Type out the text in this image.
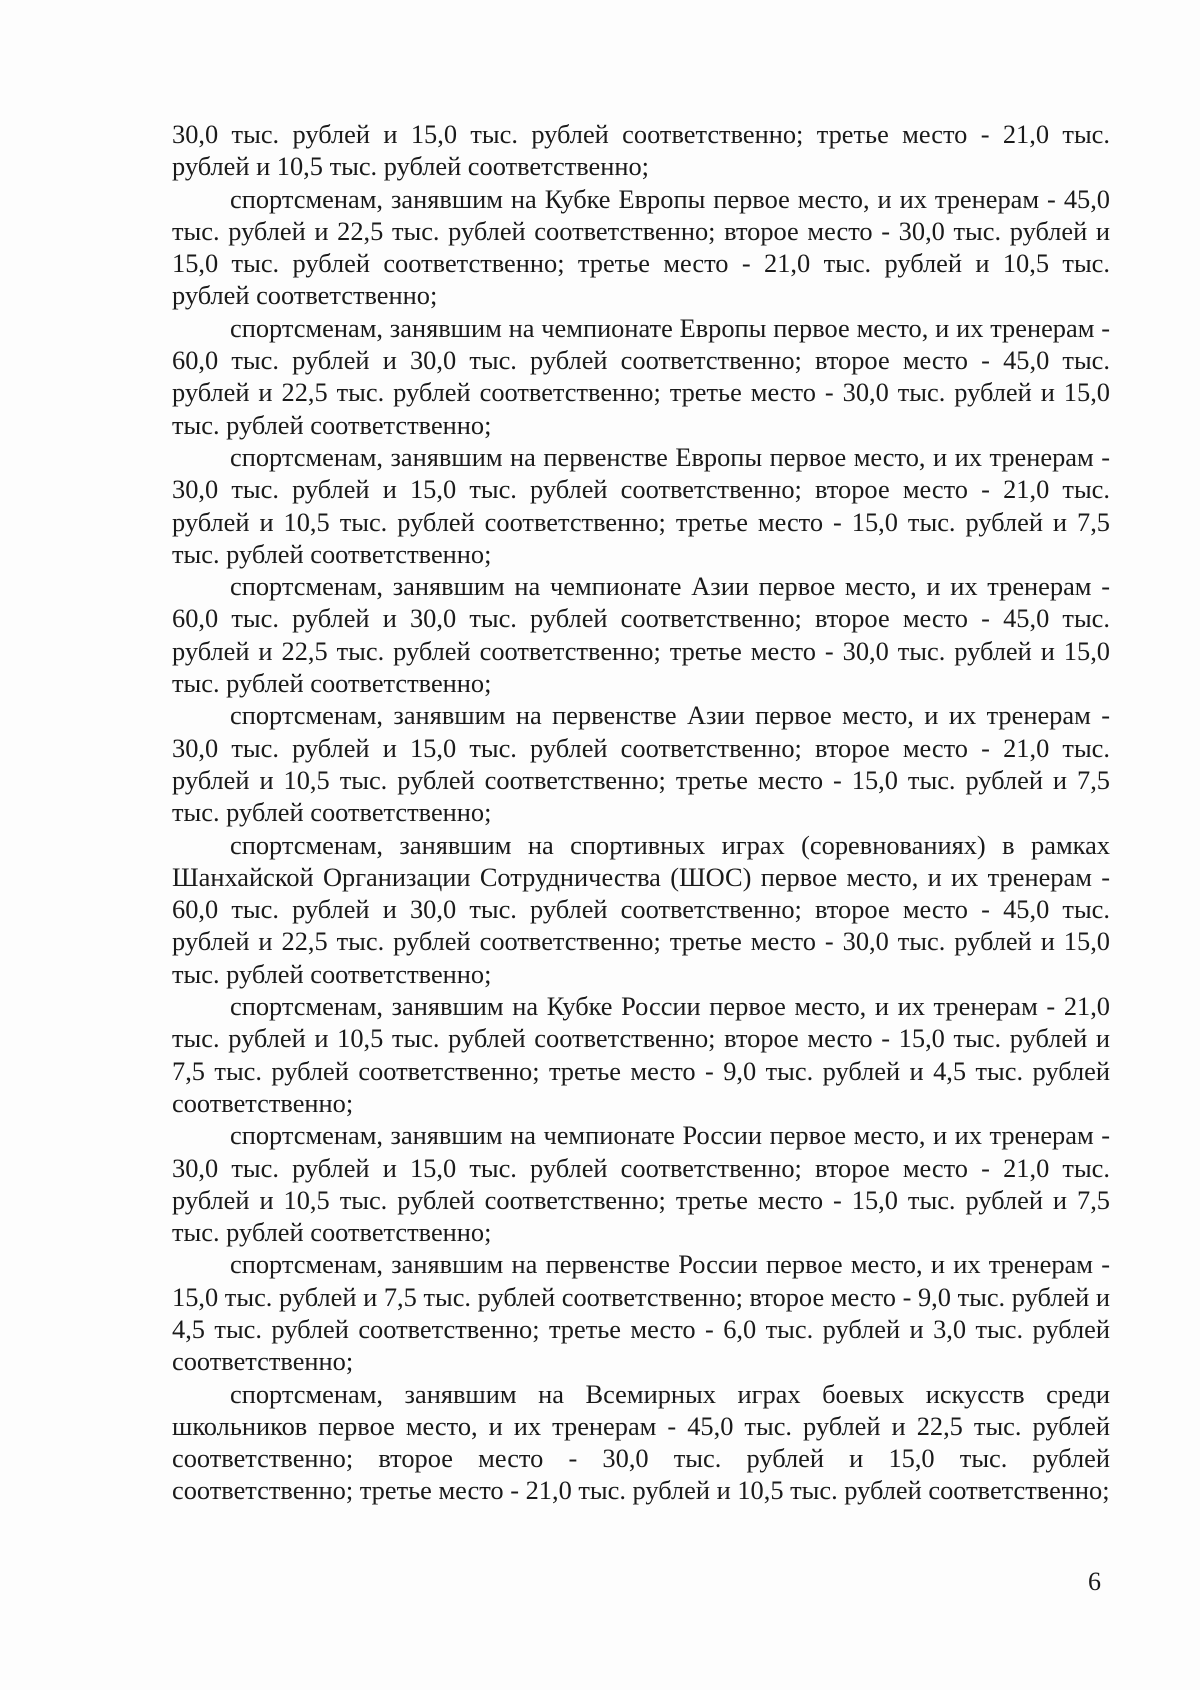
30,0 тыс. рублей и 15,0 тыс. рублей соответственно; третье место - 21,0 тыс. рублей и 10,5 тыс. рублей соответственно;

спортсменам, занявшим на Кубке Европы первое место, и их тренерам - 45,0 тыс. рублей и 22,5 тыс. рублей соответственно; второе место - 30,0 тыс. рублей и 15,0 тыс. рублей соответственно; третье место - 21,0 тыс. рублей и 10,5 тыс. рублей соответственно;

спортсменам, занявшим на чемпионате Европы первое место, и их тренерам - 60,0 тыс. рублей и 30,0 тыс. рублей соответственно; второе место - 45,0 тыс. рублей и 22,5 тыс. рублей соответственно; третье место - 30,0 тыс. рублей и 15,0 тыс. рублей соответственно;

спортсменам, занявшим на первенстве Европы первое место, и их тренерам - 30,0 тыс. рублей и 15,0 тыс. рублей соответственно; второе место - 21,0 тыс. рублей и 10,5 тыс. рублей соответственно; третье место - 15,0 тыс. рублей и 7,5 тыс. рублей соответственно;

спортсменам, занявшим на чемпионате Азии первое место, и их тренерам - 60,0 тыс. рублей и 30,0 тыс. рублей соответственно; второе место - 45,0 тыс. рублей и 22,5 тыс. рублей соответственно; третье место - 30,0 тыс. рублей и 15,0 тыс. рублей соответственно;

спортсменам, занявшим на первенстве Азии первое место, и их тренерам - 30,0 тыс. рублей и 15,0 тыс. рублей соответственно; второе место - 21,0 тыс. рублей и 10,5 тыс. рублей соответственно; третье место - 15,0 тыс. рублей и 7,5 тыс. рублей соответственно;

спортсменам, занявшим на спортивных играх (соревнованиях) в рамках Шанхайской Организации Сотрудничества (ШОС) первое место, и их тренерам - 60,0 тыс. рублей и 30,0 тыс. рублей соответственно; второе место - 45,0 тыс. рублей и 22,5 тыс. рублей соответственно; третье место - 30,0 тыс. рублей и 15,0 тыс. рублей соответственно;

спортсменам, занявшим на Кубке России первое место, и их тренерам - 21,0 тыс. рублей и 10,5 тыс. рублей соответственно; второе место - 15,0 тыс. рублей и 7,5 тыс. рублей соответственно; третье место - 9,0 тыс. рублей и 4,5 тыс. рублей соответственно;

спортсменам, занявшим на чемпионате России первое место, и их тренерам - 30,0 тыс. рублей и 15,0 тыс. рублей соответственно; второе место - 21,0 тыс. рублей и 10,5 тыс. рублей соответственно; третье место - 15,0 тыс. рублей и 7,5 тыс. рублей соответственно;

спортсменам, занявшим на первенстве России первое место, и их тренерам - 15,0 тыс. рублей и 7,5 тыс. рублей соответственно; второе место - 9,0 тыс. рублей и 4,5 тыс. рублей соответственно; третье место - 6,0 тыс. рублей и 3,0 тыс. рублей соответственно;

спортсменам, занявшим на Всемирных играх боевых искусств среди школьников первое место, и их тренерам - 45,0 тыс. рублей и 22,5 тыс. рублей соответственно; второе место - 30,0 тыс. рублей и 15,0 тыс. рублей соответственно; третье место - 21,0 тыс. рублей и 10,5 тыс. рублей соответственно;

6
